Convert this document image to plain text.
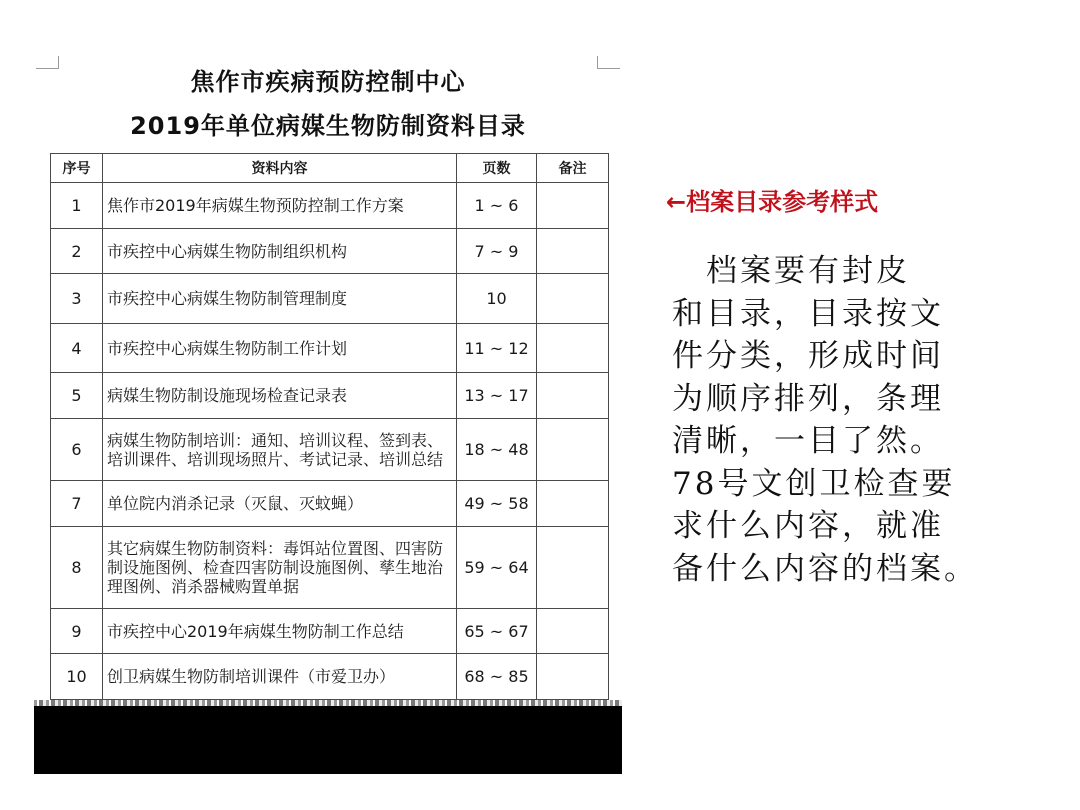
焦作市疾病预防控制中心
2019年单位病媒生物防制资料目录
序号	资料内容	页数	备注
1	焦作市2019年病媒生物预防控制工作方案	1 ~ 6	
2	市疾控中心病媒生物防制组织机构	7 ~ 9	
3	市疾控中心病媒生物防制管理制度	10	
4	市疾控中心病媒生物防制工作计划	11 ~ 12	
5	病媒生物防制设施现场检查记录表	13 ~ 17	
6	病媒生物防制培训：通知、培训议程、签到表、培训课件、培训现场照片、考试记录、培训总结	18 ~ 48	
7	单位院内消杀记录（灭鼠、灭蚊蝇）	49 ~ 58	
8	其它病媒生物防制资料：毒饵站位置图、四害防制设施图例、检查四害防制设施图例、孳生地治理图例、消杀器械购置单据	59 ~ 64	
9	市疾控中心2019年病媒生物防制工作总结	65 ~ 67	
10	创卫病媒生物防制培训课件（市爱卫办）	68 ~ 85	
←档案目录参考样式
　档案要有封皮
和目录，目录按文
件分类，形成时间
为顺序排列，条理
清晰，一目了然。
78号文创卫检查要
求什么内容，就准
备什么内容的档案。
